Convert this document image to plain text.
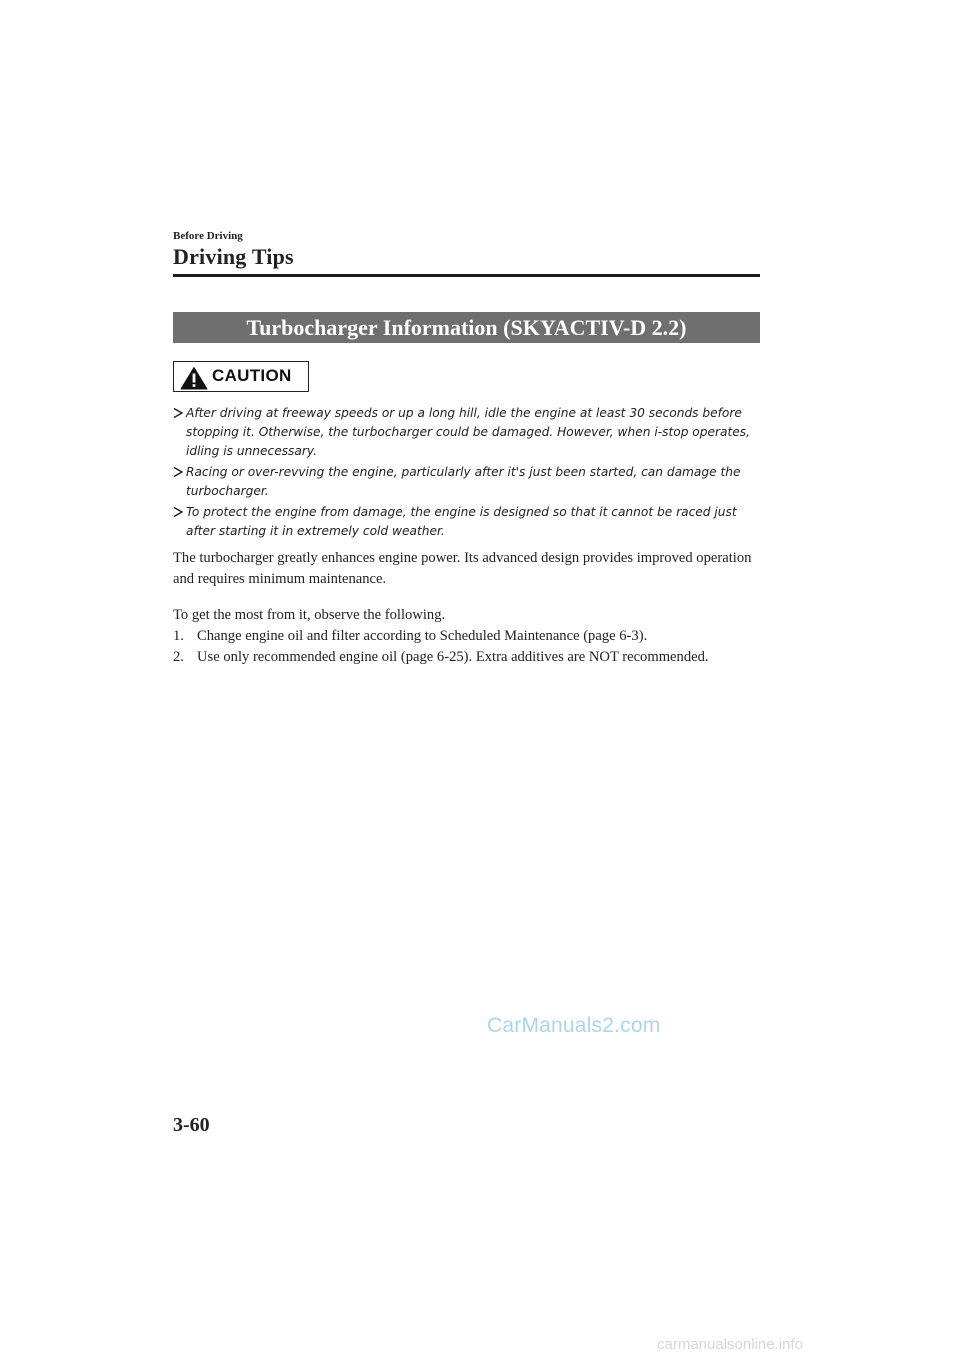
Before Driving
Driving Tips
Turbocharger Information (SKYACTIV-D 2.2)
CAUTION
After driving at freeway speeds or up a long hill, idle the engine at least 30 seconds before stopping it. Otherwise, the turbocharger could be damaged. However, when i-stop operates, idling is unnecessary.
Racing or over-revving the engine, particularly after it's just been started, can damage the turbocharger.
To protect the engine from damage, the engine is designed so that it cannot be raced just after starting it in extremely cold weather.

The turbocharger greatly enhances engine power. Its advanced design provides improved operation and requires minimum maintenance.

To get the most from it, observe the following.

1. Change engine oil and filter according to Scheduled Maintenance (page 6-3).
2. Use only recommended engine oil (page 6-25). Extra additives are NOT recommended.
CarManuals2.com
3-60
carmanualsonline.info
